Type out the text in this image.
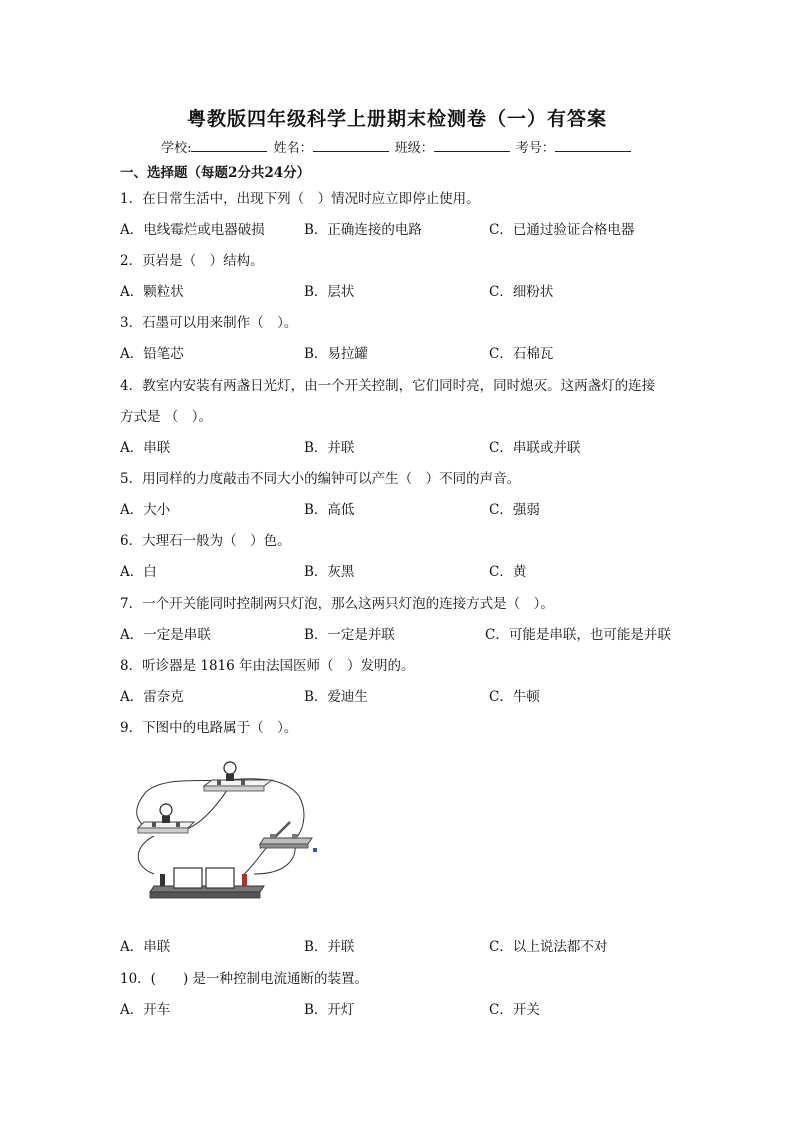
粤教版四年级科学上册期末检测卷（一）有答案
学校:	姓名：	班级：	考号：
一、选择题（每题2分共24分）
1．在日常生活中，出现下列（　）情况时应立即停止使用。
A．电线霉烂或电器破损	B．正确连接的电路	C．已通过验证合格电器
2．页岩是（　）结构。
A．颗粒状	B．层状	C．细粉状
3．石墨可以用来制作（　）。
A．铅笔芯	B．易拉罐	C．石棉瓦
4．教室内安装有两盏日光灯，由一个开关控制，它们同时亮，同时熄灭。这两盏灯的连接
方式是 （　）。
A．串联	B．并联	C．串联或并联
5．用同样的力度敲击不同大小的编钟可以产生（　）不同的声音。
A．大小	B．高低	C．强弱
6．大理石一般为（　）色。
A．白	B．灰黑	C．黄
7．一个开关能同时控制两只灯泡，那么这两只灯泡的连接方式是（　）。
A．一定是串联	B．一定是并联	C．可能是串联，也可能是并联
8．听诊器是 1816 年由法国医师（　）发明的。
A．雷奈克	B．爱迪生	C．牛顿
9．下图中的电路属于（　）。
A．串联	B．并联	C．以上说法都不对
10．(　　) 是一种控制电流通断的装置。
A．开车	B．开灯	C．开关
